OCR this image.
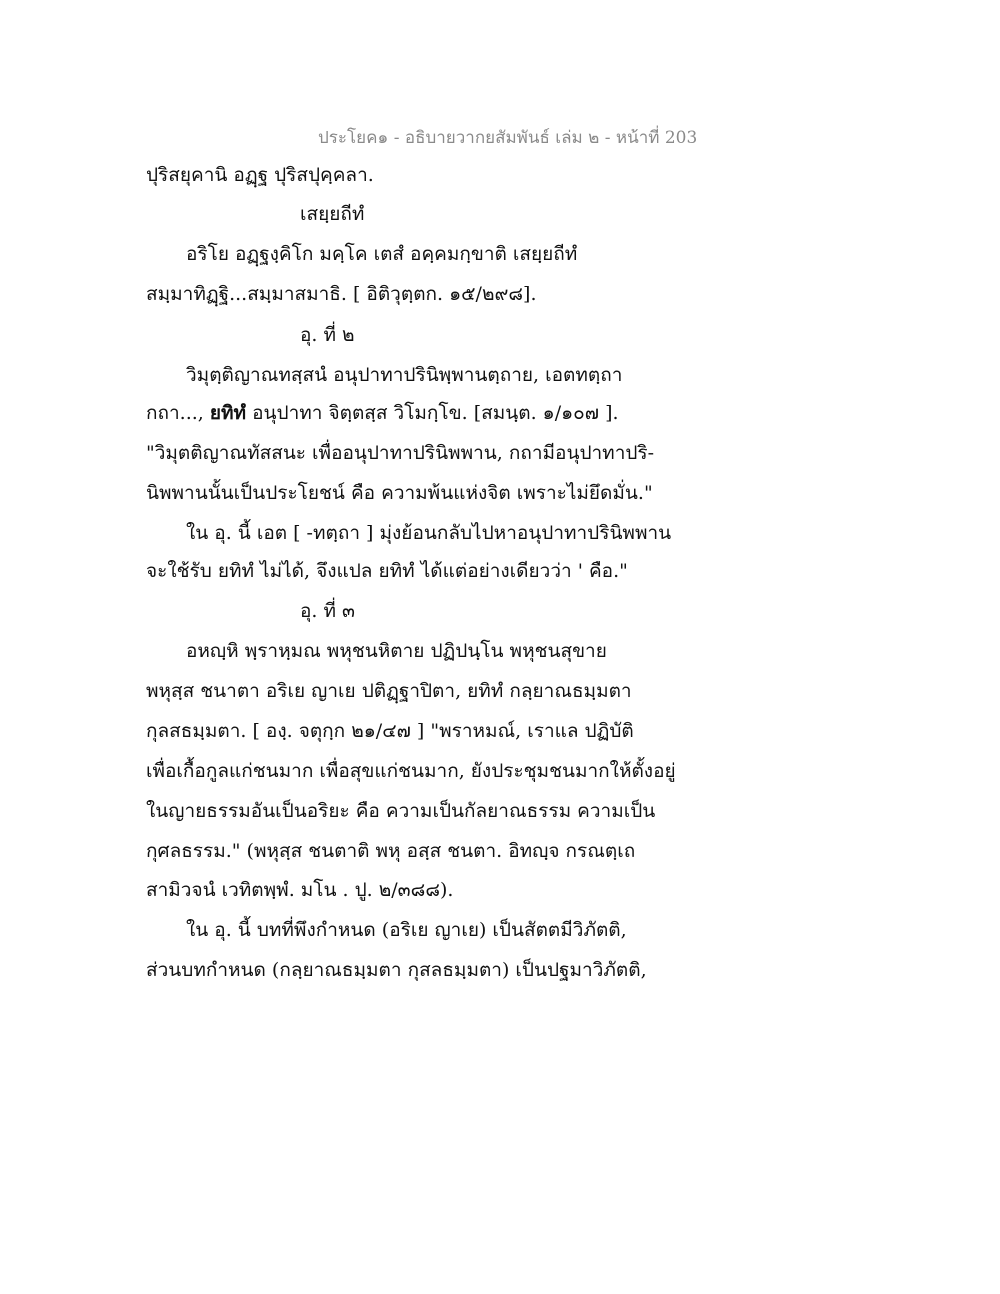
ประโยค๑ - อธิบายวากยสัมพันธ์ เล่ม ๒ - หน้าที่ 203
ปุริสยุคานิ อฏฺฐ ปุริสปุคฺคลา.
เสยฺยถีทํ
อริโย อฏฺฐงฺคิโก มคฺโค เตสํ อคฺคมกฺขาติ เสยฺยถีทํ
สมฺมาทิฏฺฐิ...สมฺมาสมาธิ. [ อิติวุตฺตก. ๑๕/๒๙๘].
อุ. ที่ ๒
วิมุตฺติญาณทสฺสนํ อนุปาทาปรินิพฺพานตฺถาย, เอตทตฺถา
กถา..., ยทิทํ อนุปาทา จิตฺตสฺส วิโมกฺโข. [สมนฺต. ๑/๑๐๗ ].
"วิมุตติญาณทัสสนะ เพื่ออนุปาทาปรินิพพาน, กถามีอนุปาทาปริ-
นิพพานนั้นเป็นประโยชน์ คือ ความพ้นแห่งจิต เพราะไม่ยึดมั่น."
ใน อุ. นี้ เอต [ -ทตฺถา ] มุ่งย้อนกลับไปหาอนุปาทาปรินิพพาน
จะใช้รับ ยทิทํ ไม่ได้, จึงแปล ยทิทํ ได้แต่อย่างเดียวว่า ' คือ."
อุ. ที่ ๓
อหญฺหิ พฺราหฺมณ พหุชนหิตาย ปฏิปนฺโน พหุชนสุขาย
พหุสฺส ชนาตา อริเย ญาเย ปติฏฺฐาปิตา, ยทิทํ กลฺยาณธมฺมตา
กุลสธมฺมตา. [ องฺ. จตุกฺก ๒๑/๔๗ ] "พราหมณ์, เราแล ปฏิบัติ
เพื่อเกื้อกูลแก่ชนมาก เพื่อสุขแก่ชนมาก, ยังประชุมชนมากให้ตั้งอยู่
ในญายธรรมอันเป็นอริยะ คือ ความเป็นกัลยาณธรรม ความเป็น
กุศลธรรม." (พหุสฺส ชนตาติ พหุ อสฺส ชนตา. อิทญฺจ กรณตฺเถ
สามิวจนํ เวทิตพฺพํ. มโน . ปู. ๒/๓๘๘).
ใน อุ. นี้ บทที่พึงกำหนด (อริเย ญาเย) เป็นสัตตมีวิภัตติ,
ส่วนบทกำหนด (กลฺยาณธมฺมตา กุสลธมฺมตา) เป็นปฐมาวิภัตติ,
